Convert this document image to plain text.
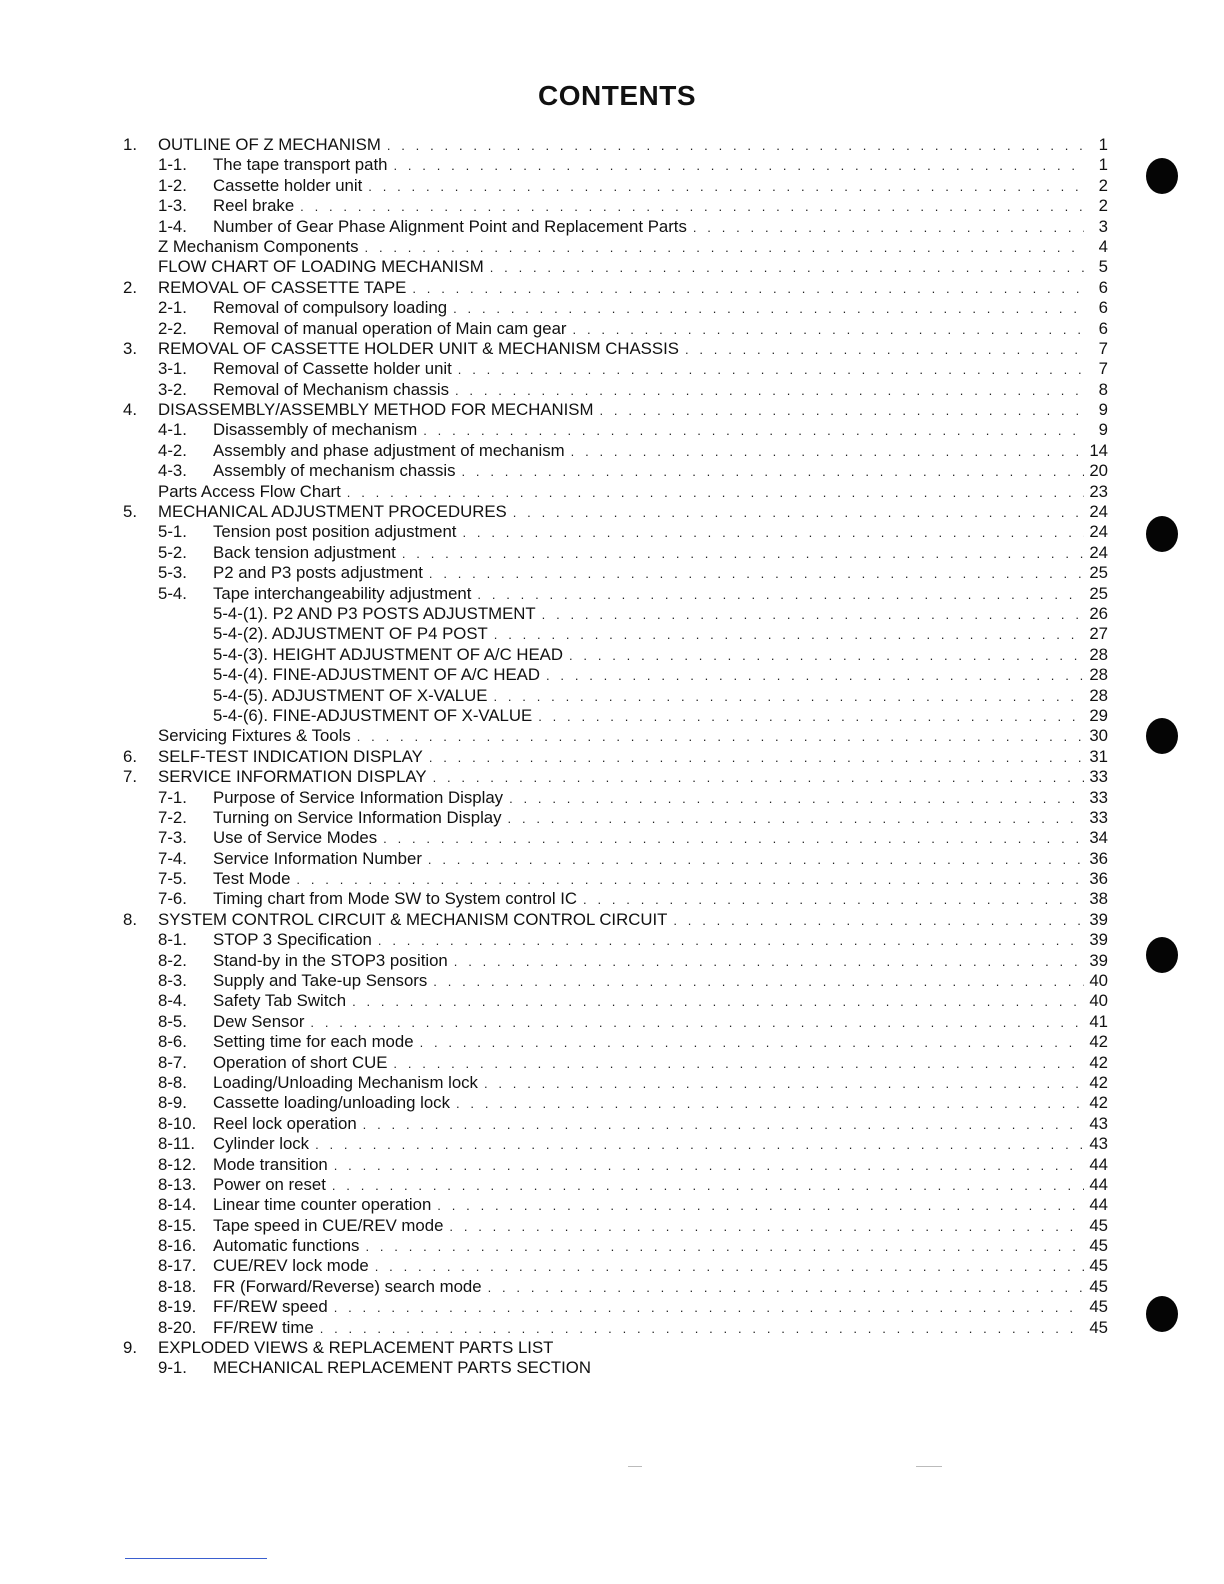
CONTENTS
1. OUTLINE OF Z MECHANISM . . .	1
1-1. The tape transport path . . .	1
1-2. Cassette holder unit . . .	2
1-3. Reel brake . . .	2
1-4. Number of Gear Phase Alignment Point and Replacement Parts . . .	3
Z Mechanism Components . . .	4
FLOW CHART OF LOADING MECHANISM . . .	5
2. REMOVAL OF CASSETTE TAPE . . .	6
2-1. Removal of compulsory loading . . .	6
2-2. Removal of manual operation of Main cam gear . . .	6
3. REMOVAL OF CASSETTE HOLDER UNIT & MECHANISM CHASSIS . . .	7
3-1. Removal of Cassette holder unit . . .	7
3-2. Removal of Mechanism chassis . . .	8
4. DISASSEMBLY/ASSEMBLY METHOD FOR MECHANISM . . .	9
4-1. Disassembly of mechanism . . .	9
4-2. Assembly and phase adjustment of mechanism . . .	14
4-3. Assembly of mechanism chassis . . .	20
Parts Access Flow Chart . . .	23
5. MECHANICAL ADJUSTMENT PROCEDURES . . .	24
5-1. Tension post position adjustment . . .	24
5-2. Back tension adjustment . . .	24
5-3. P2 and P3 posts adjustment . . .	25
5-4. Tape interchangeability adjustment . . .	25
5-4-(1). P2 AND P3 POSTS ADJUSTMENT . . .	26
5-4-(2). ADJUSTMENT OF P4 POST . . .	27
5-4-(3). HEIGHT ADJUSTMENT OF A/C HEAD . . .	28
5-4-(4). FINE-ADJUSTMENT OF A/C HEAD . . .	28
5-4-(5). ADJUSTMENT OF X-VALUE . . .	28
5-4-(6). FINE-ADJUSTMENT OF X-VALUE . . .	29
Servicing Fixtures & Tools . . .	30
6. SELF-TEST INDICATION DISPLAY . . .	31
7. SERVICE INFORMATION DISPLAY . . .	33
7-1. Purpose of Service Information Display . . .	33
7-2. Turning on Service Information Display . . .	33
7-3. Use of Service Modes . . .	34
7-4. Service Information Number . . .	36
7-5. Test Mode . . .	36
7-6. Timing chart from Mode SW to System control IC . . .	38
8. SYSTEM CONTROL CIRCUIT & MECHANISM CONTROL CIRCUIT . . .	39
8-1. STOP 3 Specification . . .	39
8-2. Stand-by in the STOP3 position . . .	39
8-3. Supply and Take-up Sensors . . .	40
8-4. Safety Tab Switch . . .	40
8-5. Dew Sensor . . .	41
8-6. Setting time for each mode . . .	42
8-7. Operation of short CUE . . .	42
8-8. Loading/Unloading Mechanism lock . . .	42
8-9. Cassette loading/unloading lock . . .	42
8-10. Reel lock operation . . .	43
8-11. Cylinder lock . . .	43
8-12. Mode transition . . .	44
8-13. Power on reset . . .	44
8-14. Linear time counter operation . . .	44
8-15. Tape speed in CUE/REV mode . . .	45
8-16. Automatic functions . . .	45
8-17. CUE/REV lock mode . . .	45
8-18. FR (Forward/Reverse) search mode . . .	45
8-19. FF/REW speed . . .	45
8-20. FF/REW time . . .	45
9. EXPLODED VIEWS & REPLACEMENT PARTS LIST
9-1. MECHANICAL REPLACEMENT PARTS SECTION
